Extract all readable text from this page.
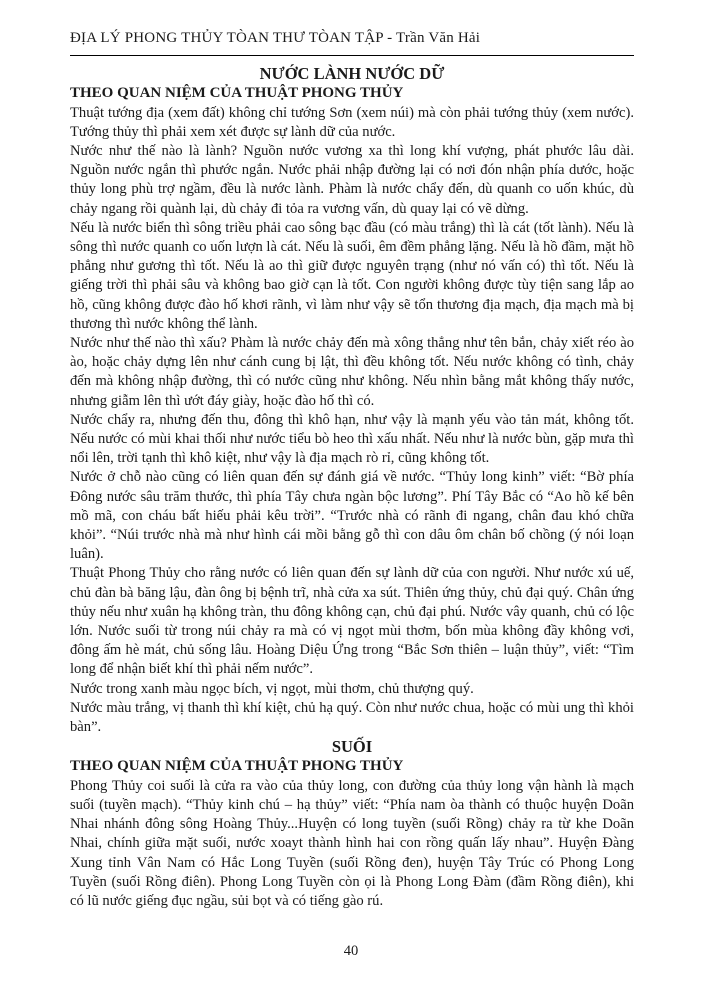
ĐỊA LÝ PHONG THỦY TÒAN THƯ TÒAN TẬP - Trần Văn Hải
NƯỚC LÀNH NƯỚC DỮ
THEO QUAN NIỆM CỦA THUẬT PHONG THỦY

Thuật tướng địa (xem đất) không chỉ tướng Sơn (xem núi) mà còn phải tướng thủy (xem nước). Tướng thủy thì phải xem xét được sự lành dữ của nước.

Nước như thế nào là lành? Nguồn nước vương xa thì long khí vượng, phát phước lâu dài. Nguồn nước ngắn thì phước ngắn. Nước phải nhập đường lại có nơi đón nhận phía dước, hoặc thủy long phù trợ ngầm, đều là nước lành. Phàm là nước chẩy đến, dù quanh co uốn khúc, dù chảy ngang rồi quành lại, dù chảy đi tỏa ra vương vấn, dù quay lại có vẽ dừng.

Nếu là nước biển thì sông triều phải cao sông bạc đầu (có màu trắng) thì là cát (tốt lành). Nếu là sông thì nước quanh co uốn lượn là cát. Nếu là suối, êm đềm phẳng lặng. Nếu là hồ đầm, mặt hồ phẳng như gương thì tốt. Nếu là ao thì giữ được nguyên trạng (như nó vấn có) thì tốt. Nếu là giếng trời thì phải sâu và không bao giờ cạn là tốt. Con người không được tùy tiện sang lắp ao hồ, cũng không được đào hố khơi rãnh, vì làm như vậy sẽ tổn thương địa mạch, địa mạch mà bị thương thì nước không thể lành.

Nước như thế nào thì xấu? Phàm là nước chảy đến mà xông thẳng như tên bắn, chảy xiết réo ào ào, hoặc chảy dựng lên như cánh cung bị lật, thì đều không tốt. Nếu nước không có tình, chảy đến mà không nhập đường, thì có nước cũng như không. Nếu nhìn bằng mắt không thấy nước, nhưng giẫm lên thì ướt đáy giày, hoặc đào hố thì có.

Nước chẩy ra, nhưng đến thu, đông thì khô hạn, như vậy là mạnh yếu vào tản mát, không tốt. Nếu nước có mùi khai thối như nước tiểu bò heo thì xấu nhất. Nếu như là nước bùn, gặp mưa thì nổi lên, trời tạnh thì khô kiệt, như vậy là địa mạch rò rỉ, cũng không tốt.

Nước ở chỗ nào cũng có liên quan đến sự đánh giá về nước. “Thủy long kinh” viết: “Bờ phía Đông nước sâu trăm thước, thì phía Tây chưa ngàn bộc lương”. Phí Tây Bắc có “Ao hồ kế bên mồ mã, con cháu bất hiếu phải kêu trời”. “Trước nhà có rãnh đi ngang, chân đau khó chữa khỏi”. “Núi trước nhà mà như hình cái mồi bằng gỗ thì con dâu ôm chân bố chồng (ý nói loạn luân).

Thuật Phong Thủy cho rằng nước có liên quan đến sự lành dữ của con người. Như nước xú uế, chủ đàn bà băng lậu, đàn ông bị bệnh trĩ, nhà cửa xa sút. Thiên ứng thủy, chủ đại quý. Chân ứng thủy nếu như xuân hạ không tràn, thu đông không cạn, chủ đại phú. Nước vây quanh, chủ có lộc lớn. Nước suối từ trong núi chảy ra mà có vị ngọt mùi thơm, bốn mùa không đầy không vơi, đông ấm hè mát, chủ sống lâu. Hoàng Diệu Ứng trong “Bắc Sơn thiên – luận thủy”, viết: “Tìm long để nhận biết khí thì phải nếm nước”.

Nước trong xanh màu ngọc bích, vị ngọt, mùi thơm, chủ thượng quý.

Nước màu trắng, vị thanh thì khí kiệt, chủ hạ quý. Còn như nước chua, hoặc có mùi ung thì khỏi bàn”.

SUỐI
THEO QUAN NIỆM CỦA THUẬT PHONG THỦY

Phong Thủy coi suối là cửa ra vào của thủy long, con đường của thủy long vận hành là mạch suối (tuyền mạch). “Thủy kinh chú – hạ thủy” viết: “Phía nam òa thành có thuộc huyện Doãn Nhai nhánh đông sông Hoàng Thủy...Huyện có long tuyền (suối Rồng) chảy ra từ khe Doãn Nhai, chính giữa mặt suối, nước xoayt thành hình hai con rồng quấn lấy nhau”. Huyện Đàng Xung tỉnh Vân Nam có Hắc Long Tuyền (suối Rồng đen), huyện Tây Trúc có Phong Long Tuyền (suối Rồng điên). Phong Long Tuyền còn ọi là Phong Long Đàm (đầm Rồng điên), khi có lũ nước giếng đục ngầu, sủi bọt và có tiếng gào rú.

40
